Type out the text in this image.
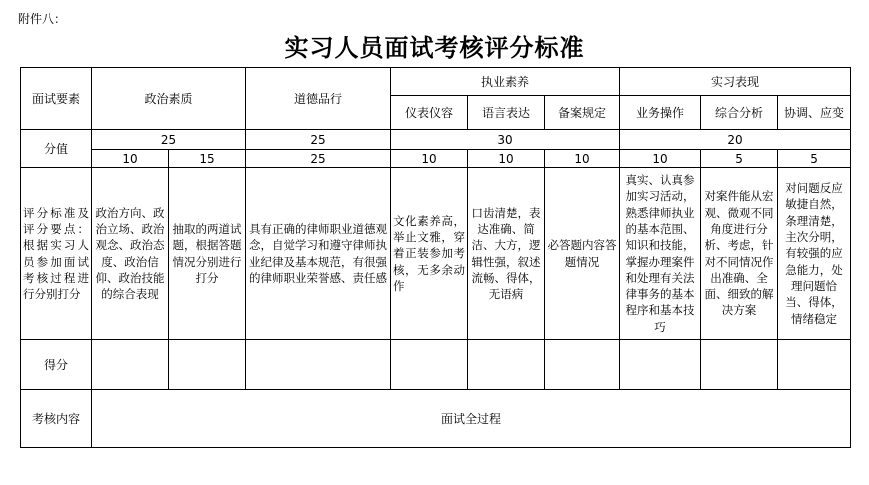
附件八：
实习人员面试考核评分标准
面试要素	政治素质		道德品行	执业素养			实习表现		
				仪表仪容	语言表达	备案规定	业务操作	综合分析	协调、应变
分值	25		25	30			20		
	10	15	25	10	10	10	10	5	5
评分标准及评分要点：根据实习人员参加面试考核过程进行分别打分	政治方向、政治立场、政治观念、政治态度、政治信仰、政治技能的综合表现	抽取的两道试题，根据答题情况分别进行打分	具有正确的律师职业道德观念，自觉学习和遵守律师执业纪律及基本规范，有很强的律师职业荣誉感、责任感	文化素养高，举止文雅，穿着正装参加考核，无多余动作	口齿清楚，表达准确、简洁、大方，逻辑性强，叙述流畅、得体，无语病	必答题内容答题情况	真实、认真参加实习活动，熟悉律师执业的基本范围、知识和技能，掌握办理案件和处理有关法律事务的基本程序和基本技巧	对案件能从宏观、微观不同角度进行分析、考虑，针对不同情况作出准确、全面、细致的解决方案	对问题反应敏捷自然，条理清楚，主次分明，有较强的应急能力，处理问题恰当、得体，情绪稳定
得分									
考核内容	面试全过程								
